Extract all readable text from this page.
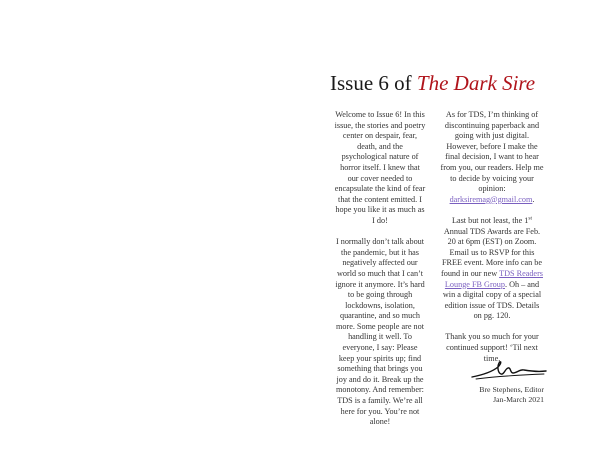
Issue 6 of The Dark Sire

Welcome to Issue 6! In this issue, the stories and poetry center on despair, fear, death, and the psychological nature of horror itself. I knew that our cover needed to encapsulate the kind of fear that the content emitted. I hope you like it as much as I do!

I normally don’t talk about the pandemic, but it has negatively affected our world so much that I can’t ignore it anymore. It’s hard to be going through lockdowns, isolation, quarantine, and so much more. Some people are not handling it well. To everyone, I say: Please keep your spirits up; find something that brings you joy and do it. Break up the monotony. And remember: TDS is a family. We’re all here for you. You’re not alone!

As for TDS, I’m thinking of discontinuing paperback and going with just digital. However, before I make the final decision, I want to hear from you, our readers. Help me to decide by voicing your opinion: darksiremag@gmail.com.

Last but not least, the 1st Annual TDS Awards are Feb. 20 at 6pm (EST) on Zoom. Email us to RSVP for this FREE event. More info can be found in our new TDS Readers Lounge FB Group. Oh – and win a digital copy of a special edition issue of TDS. Details on pg. 120.

Thank you so much for your continued support! ‘Til next time,

Bre Stephens, Editor
Jan-March 2021
